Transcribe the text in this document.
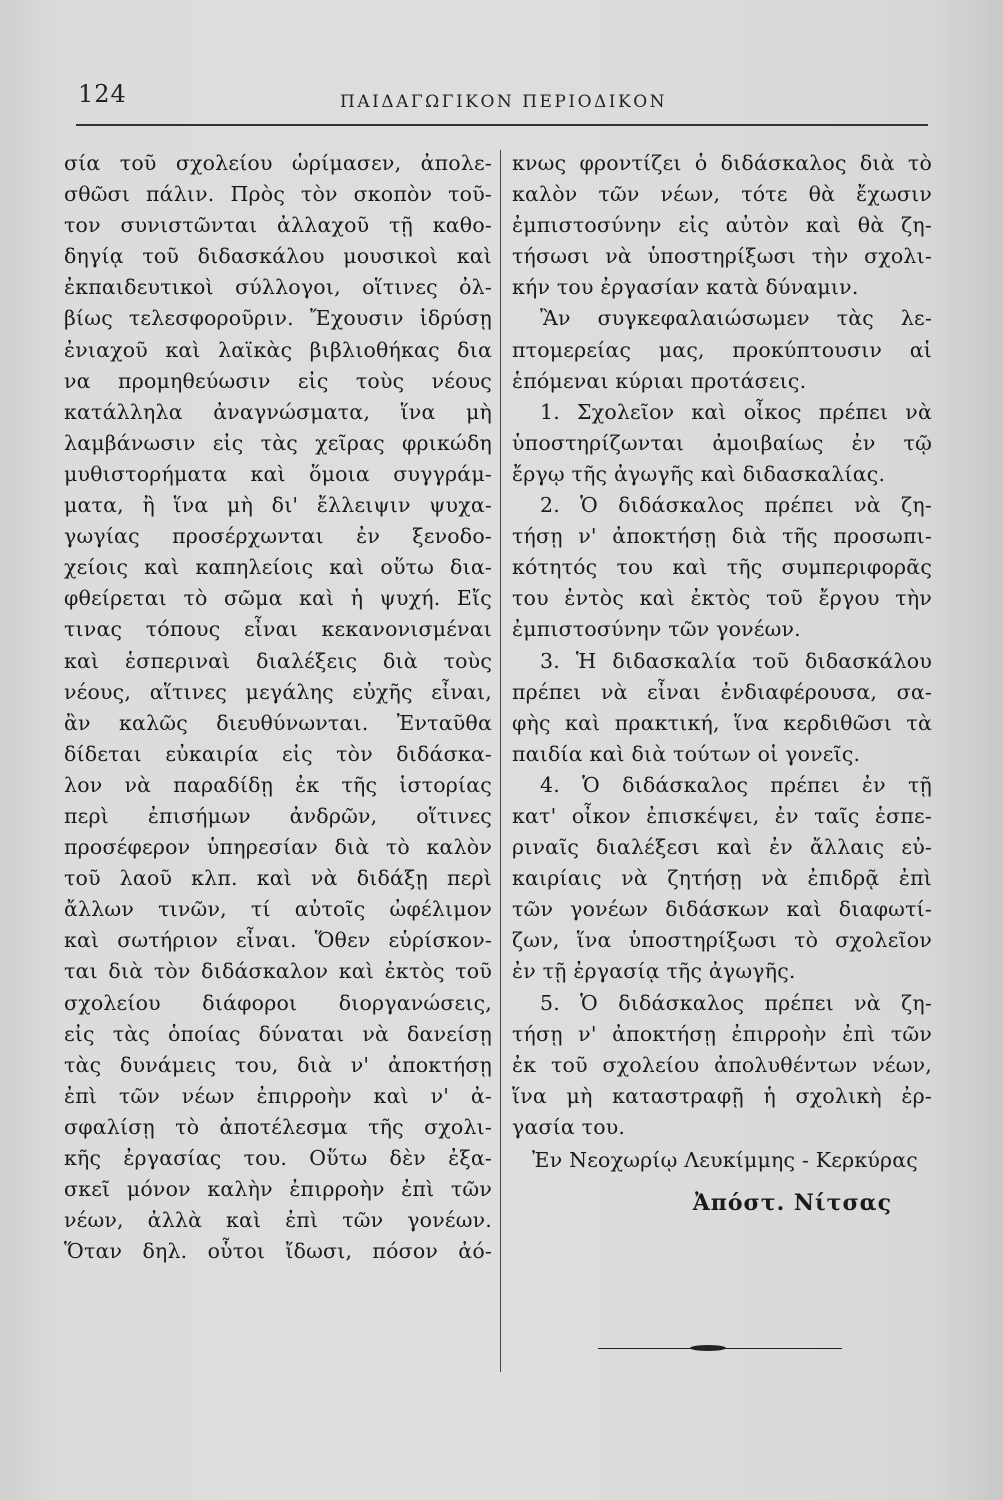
124	ΠΑΙΔΑΓΩΓΙΚΟΝ ΠΕΡΙΟΔΙΚΟΝ
σία τοῦ σχολείου ὡρίμασεν, ἀπολε-
σθῶσι πάλιν. Πρὸς τὸν σκοπὸν τοῦ-
τον συνιστῶνται ἀλλαχοῦ τῇ καθο-
δηγίᾳ τοῦ διδασκάλου μουσικοὶ καὶ
ἐκπαιδευτικοὶ σύλλογοι, οἵτινες ὀλ-
βίως τελεσφοροῦριν. Ἔχουσιν ἱδρύσῃ
ἐνιαχοῦ καὶ λαϊκὰς βιβλιοθήκας δια
να προμηθεύωσιν εἰς τοὺς νέους
κατάλληλα ἀναγνώσματα, ἵνα μὴ
λαμβάνωσιν εἰς τὰς χεῖρας φρικώδη
μυθιστορήματα καὶ ὅμοια συγγράμ-
ματα, ἢ ἵνα μὴ δι' ἔλλειψιν ψυχα-
γωγίας προσέρχωνται ἐν ξενοδο-
χείοις καὶ καπηλείοις καὶ οὕτω δια-
φθείρεται τὸ σῶμα καὶ ἡ ψυχή. Εἴς
τινας τόπους εἶναι κεκανονισμέναι
καὶ ἑσπεριναὶ διαλέξεις διὰ τοὺς
νέους, αἵτινες μεγάλης εὐχῆς εἶναι,
ἂν καλῶς διευθύνωνται. Ἐνταῦθα
δίδεται εὐκαιρία εἰς τὸν διδάσκα-
λον νὰ παραδίδῃ ἐκ τῆς ἱστορίας
περὶ ἐπισήμων ἀνδρῶν, οἵτινες
προσέφερον ὑπηρεσίαν διὰ τὸ καλὸν
τοῦ λαοῦ κλπ. καὶ νὰ διδάξῃ περὶ
ἄλλων τινῶν, τί αὐτοῖς ὠφέλιμον
καὶ σωτήριον εἶναι. Ὅθεν εὑρίσκον-
ται διὰ τὸν διδάσκαλον καὶ ἐκτὸς τοῦ
σχολείου διάφοροι διοργανώσεις,
εἰς τὰς ὁποίας δύναται νὰ δανείσῃ
τὰς δυνάμεις του, διὰ ν' ἀποκτήσῃ
ἐπὶ τῶν νέων ἐπιρροὴν καὶ ν' ἀ-
σφαλίσῃ τὸ ἀποτέλεσμα τῆς σχολι-
κῆς ἐργασίας του. Οὕτω δὲν ἐξα-
σκεῖ μόνον καλὴν ἐπιρροὴν ἐπὶ τῶν
νέων, ἀλλὰ καὶ ἐπὶ τῶν γονέων.
Ὅταν δηλ. οὗτοι ἴδωσι, πόσον ἀό-
κνως φροντίζει ὁ διδάσκαλος διὰ τὸ
καλὸν τῶν νέων, τότε θὰ ἔχωσιν
ἐμπιστοσύνην εἰς αὐτὸν καὶ θὰ ζη-
τήσωσι νὰ ὑποστηρίξωσι τὴν σχολι-
κήν του ἐργασίαν κατὰ δύναμιν.
Ἂν συγκεφαλαιώσωμεν τὰς λε-
πτομερείας μας, προκύπτουσιν αἱ
ἑπόμεναι κύριαι προτάσεις.
1. Σχολεῖον καὶ οἶκος πρέπει νὰ
ὑποστηρίζωνται ἀμοιβαίως ἐν τῷ
ἔργῳ τῆς ἀγωγῆς καὶ διδασκαλίας.
2. Ὁ διδάσκαλος πρέπει νὰ ζη-
τήσῃ ν' ἀποκτήσῃ διὰ τῆς προσωπι-
κότητός του καὶ τῆς συμπεριφορᾶς
του ἐντὸς καὶ ἐκτὸς τοῦ ἔργου τὴν
ἐμπιστοσύνην τῶν γονέων.
3. Ἡ διδασκαλία τοῦ διδασκάλου
πρέπει νὰ εἶναι ἐνδιαφέρουσα, σα-
φὴς καὶ πρακτική, ἵνα κερδιθῶσι τὰ
παιδία καὶ διὰ τούτων οἱ γονεῖς.
4. Ὁ διδάσκαλος πρέπει ἐν τῇ
κατ' οἶκον ἐπισκέψει, ἐν ταῖς ἑσπε-
ριναῖς διαλέξεσι καὶ ἐν ἄλλαις εὐ-
καιρίαις νὰ ζητήσῃ νὰ ἐπιδρᾷ ἐπὶ
τῶν γονέων διδάσκων καὶ διαφωτί-
ζων, ἵνα ὑποστηρίξωσι τὸ σχολεῖον
ἐν τῇ ἐργασίᾳ τῆς ἀγωγῆς.
5. Ὁ διδάσκαλος πρέπει νὰ ζη-
τήσῃ ν' ἀποκτήσῃ ἐπιρροὴν ἐπὶ τῶν
ἐκ τοῦ σχολείου ἀπολυθέντων νέων,
ἵνα μὴ καταστραφῇ ἡ σχολικὴ ἐρ-
γασία του.
Ἐν Νεοχωρίῳ Λευκίμμης - Κερκύρας
Ἀπόστ. Νίτσας
